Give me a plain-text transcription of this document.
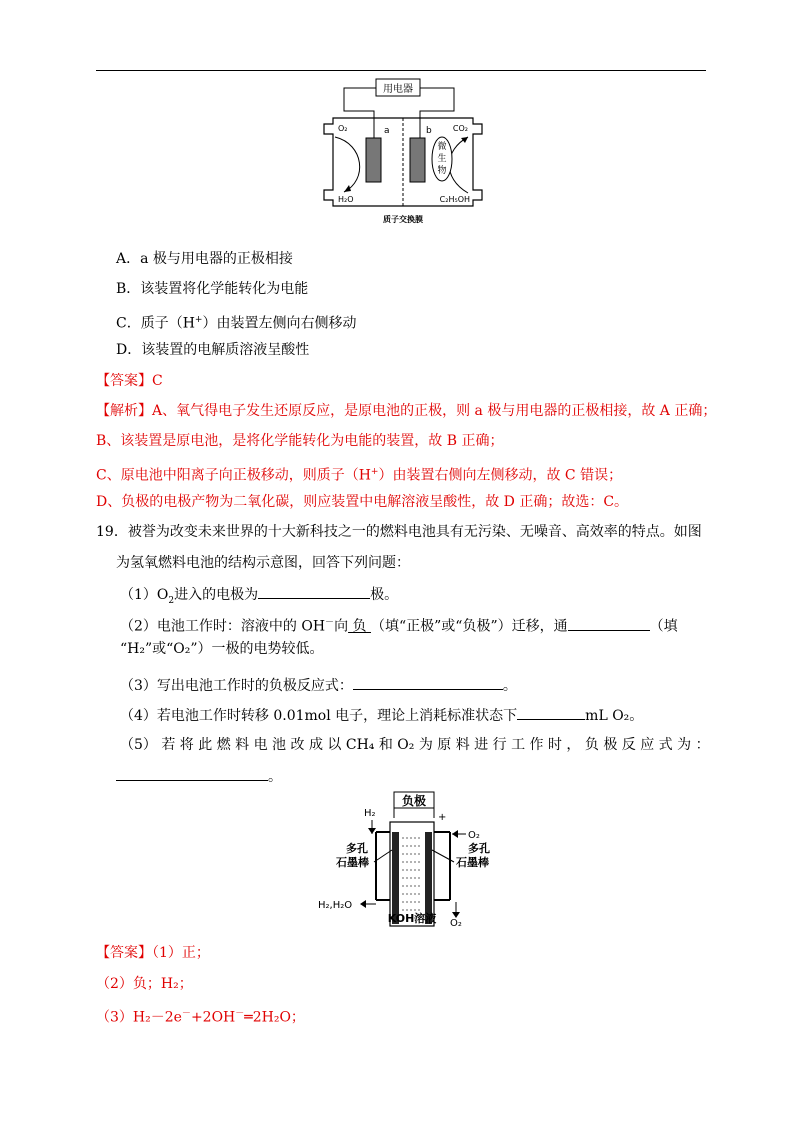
用电器
a	b
微
生
物
O₂
H₂O
CO₂
C₂H₅OH
质子交换膜
A．a 极与用电器的正极相接
B．该装置将化学能转化为电能
C．质子（H+）由装置左侧向右侧移动
D．该装置的电解质溶液呈酸性
【答案】C
【解析】A、氧气得电子发生还原反应，是原电池的正极，则 a 极与用电器的正极相接，故 A 正确；
B、该装置是原电池，是将化学能转化为电能的装置，故 B 正确；
C、原电池中阳离子向正极移动，则质子（H+）由装置右侧向左侧移动，故 C 错误；
D、负极的电极产物为二氧化碳，则应装置中电解溶液呈酸性，故 D 正确；故选：C。
19．被誉为改变未来世界的十大新科技之一的燃料电池具有无污染、无噪音、高效率的特点。如图
为氢氧燃料电池的结构示意图，回答下列问题：
$(1)O_2$进入的电极为	极。
（2）电池工作时：溶液中的 OH－向 负 （填“正极”或“负极”）迁移，通	（填
“H₂”或“O₂”）一极的电势较低。
（3）写出电池工作时的负极反应式：	。
（4）若电池工作时转移 0.01mol 电子，理论上消耗标准状态下	mL O₂。
（5） 若 将 此 燃 料 电 池 改 成 以 CH₄ 和 O₂ 为 原 料 进 行 工 作 时 ， 负 极 反 应 式 为 ：
。
负极
H₂	+
O₂
多孔
石墨棒
多孔
石墨棒
H₂,H₂O
KOH溶液 O₂
【答案】（1）正；
（2）负；H₂；
（3）H₂－2e－+2OH－═2H₂O；
